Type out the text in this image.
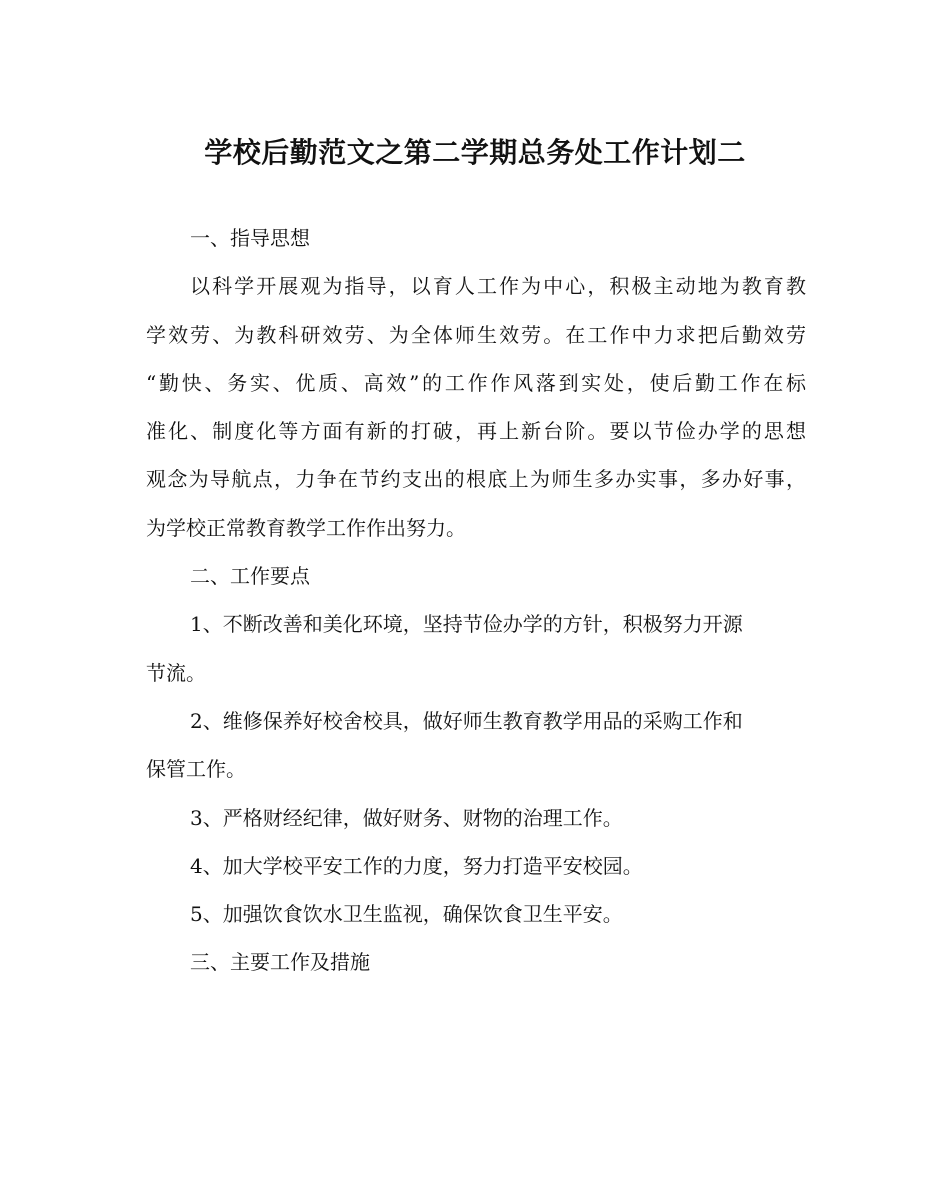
学校后勤范文之第二学期总务处工作计划二
一、指导思想
以科学开展观为指导，以育人工作为中心，积极主动地为教育教
学效劳、为教科研效劳、为全体师生效劳。在工作中力求把后勤效劳
“勤快、务实、优质、高效”的工作作风落到实处，使后勤工作在标
准化、制度化等方面有新的打破，再上新台阶。要以节俭办学的思想
观念为导航点，力争在节约支出的根底上为师生多办实事，多办好事，
为学校正常教育教学工作作出努力。
二、工作要点
1、不断改善和美化环境，坚持节俭办学的方针，积极努力开源
节流。
2、维修保养好校舍校具，做好师生教育教学用品的采购工作和
保管工作。
3、严格财经纪律，做好财务、财物的治理工作。
4、加大学校平安工作的力度，努力打造平安校园。
5、加强饮食饮水卫生监视，确保饮食卫生平安。
三、主要工作及措施
